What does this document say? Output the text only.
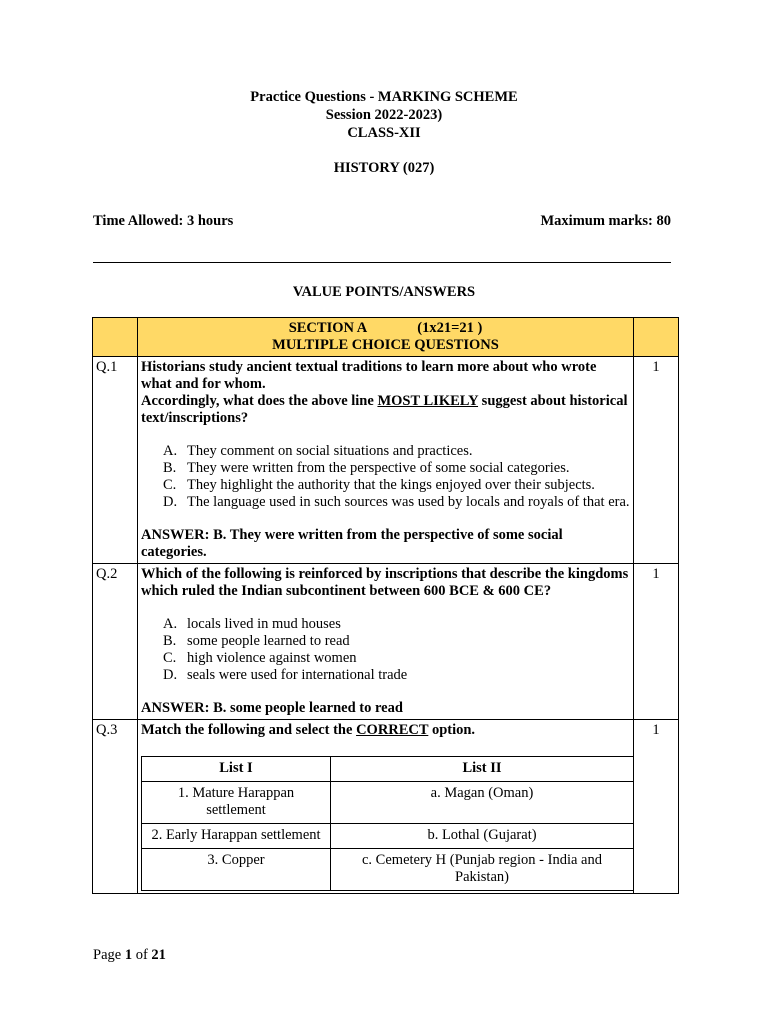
Practice Questions - MARKING SCHEME
Session 2022-2023)
CLASS-XII
HISTORY (027)
Time Allowed: 3 hours	Maximum marks: 80
VALUE POINTS/ANSWERS

SECTION A	(1x21=21 )
MULTIPLE CHOICE QUESTIONS

Q.1	Historians study ancient textual traditions to learn more about who wrote what and for whom.
Accordingly, what does the above line MOST LIKELY suggest about historical text/inscriptions?
A. They comment on social situations and practices.
B. They were written from the perspective of some social categories.
C. They highlight the authority that the kings enjoyed over their subjects.
D. The language used in such sources was used by locals and royals of that era.
ANSWER: B. They were written from the perspective of some social categories.
	1
Q.2	Which of the following is reinforced by inscriptions that describe the kingdoms which ruled the Indian subcontinent between 600 BCE & 600 CE?
A. locals lived in mud houses
B. some people learned to read
C. high violence against women
D. seals were used for international trade
ANSWER: B. some people learned to read
	1
Q.3	Match the following and select the CORRECT option.
List I	List II
1. Mature Harappan settlement	a. Magan (Oman)
2. Early Harappan settlement	b. Lothal (Gujarat)
3. Copper	c. Cemetery H (Punjab region - India and Pakistan)
	1
Page 1 of 21
